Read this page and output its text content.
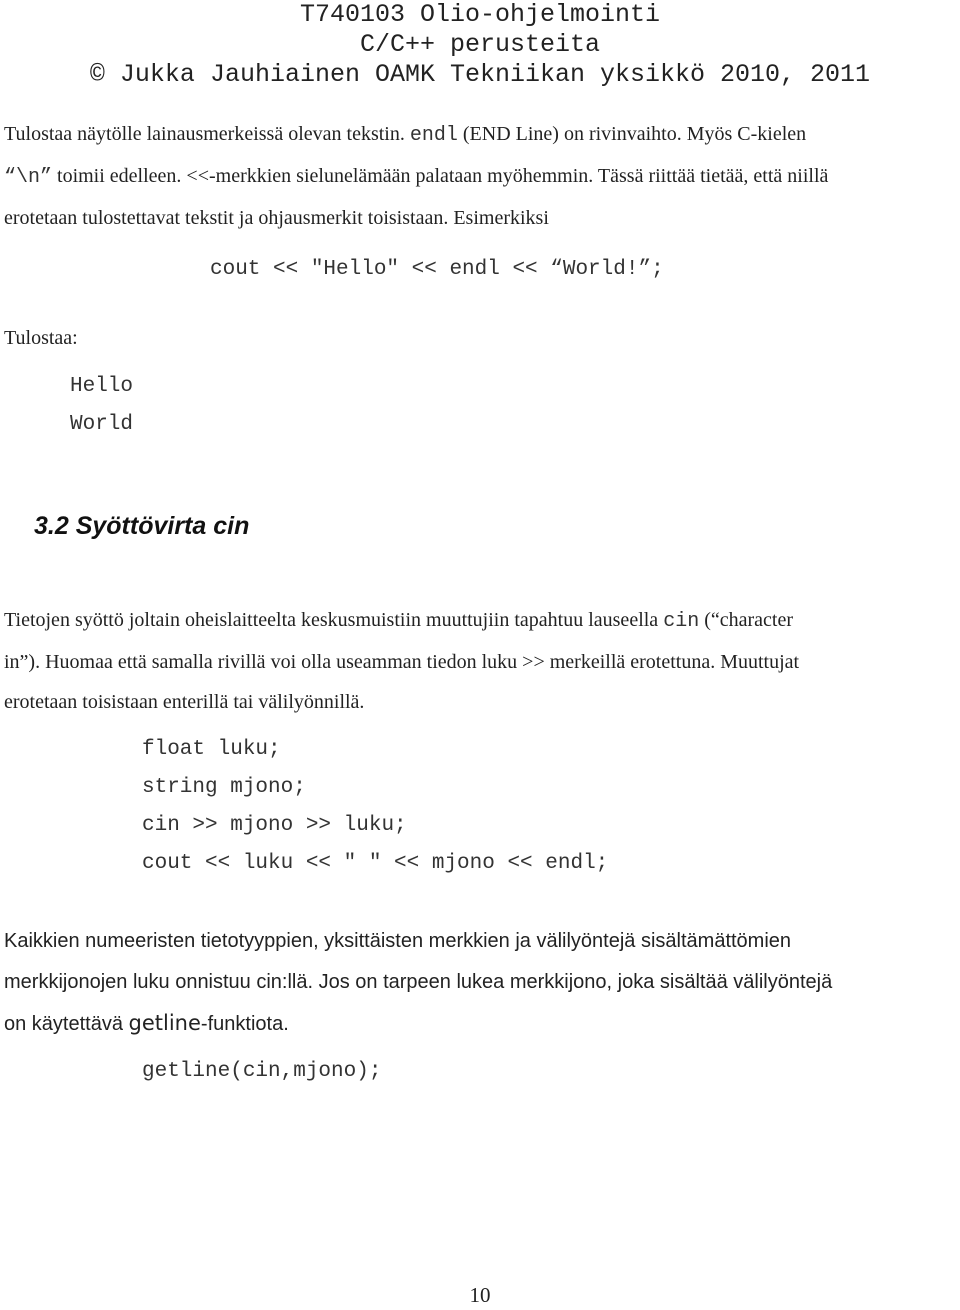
T740103 Olio-ohjelmointi
C/C++ perusteita
© Jukka Jauhiainen OAMK Tekniikan yksikkö 2010, 2011
Tulostaa näytölle lainausmerkeissä olevan tekstin. endl (END Line) on rivinvaihto. Myös C-kielen
“\n” toimii edelleen. <<-merkkien sielunelämään palataan myöhemmin. Tässä riittää tietää, että niillä
erotetaan tulostettavat tekstit ja ohjausmerkit toisistaan. Esimerkiksi
cout << "Hello" << endl << “World!”;
Tulostaa:
Hello
World
3.2 Syöttövirta cin
Tietojen syöttö joltain oheislaitteelta keskusmuistiin muuttujiin tapahtuu lauseella cin (“character
in”). Huomaa että samalla rivillä voi olla useamman tiedon luku >> merkeillä erotettuna. Muuttujat
erotetaan toisistaan enterillä tai välilyönnillä.
float luku;
string mjono;
cin >> mjono >> luku;
cout << luku << " " << mjono << endl;
Kaikkien numeeristen tietotyyppien, yksittäisten merkkien ja välilyöntejä sisältämättömien
merkkijonojen luku onnistuu cin:llä. Jos on tarpeen lukea merkkijono, joka sisältää välilyöntejä
on käytettävä getline-funktiota.
getline(cin,mjono);
10
